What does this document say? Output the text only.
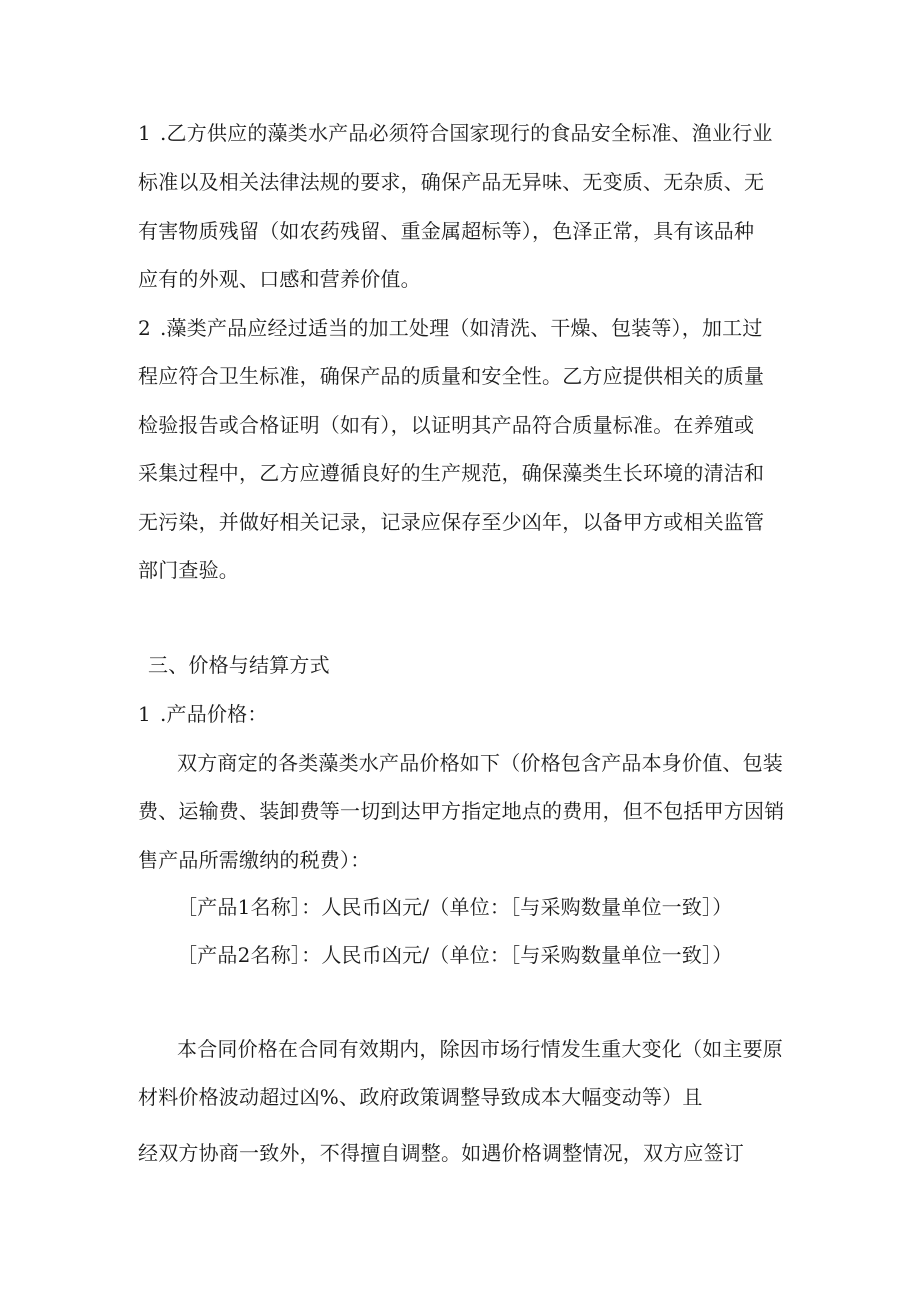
1 .乙方供应的藻类水产品必须符合国家现行的食品安全标准、渔业行业
标准以及相关法律法规的要求，确保产品无异味、无变质、无杂质、无
有害物质残留（如农药残留、重金属超标等），色泽正常，具有该品种
应有的外观、口感和营养价值。
2 .藻类产品应经过适当的加工处理（如清洗、干燥、包装等），加工过
程应符合卫生标准，确保产品的质量和安全性。乙方应提供相关的质量
检验报告或合格证明（如有），以证明其产品符合质量标准。在养殖或
采集过程中，乙方应遵循良好的生产规范，确保藻类生长环境的清洁和
无污染，并做好相关记录，记录应保存至少凶年，以备甲方或相关监管
部门查验。
三、价格与结算方式
1 .产品价格：
双方商定的各类藻类水产品价格如下（价格包含产品本身价值、包装
费、运输费、装卸费等一切到达甲方指定地点的费用，但不包括甲方因销
售产品所需缴纳的税费）：
［产品1名称］：人民币凶元/（单位：［与采购数量单位一致］）
［产品2名称］：人民币凶元/（单位：［与采购数量单位一致］）
本合同价格在合同有效期内，除因市场行情发生重大变化（如主要原
材料价格波动超过凶%、政府政策调整导致成本大幅变动等）且
经双方协商一致外，不得擅自调整。如遇价格调整情况，双方应签订
